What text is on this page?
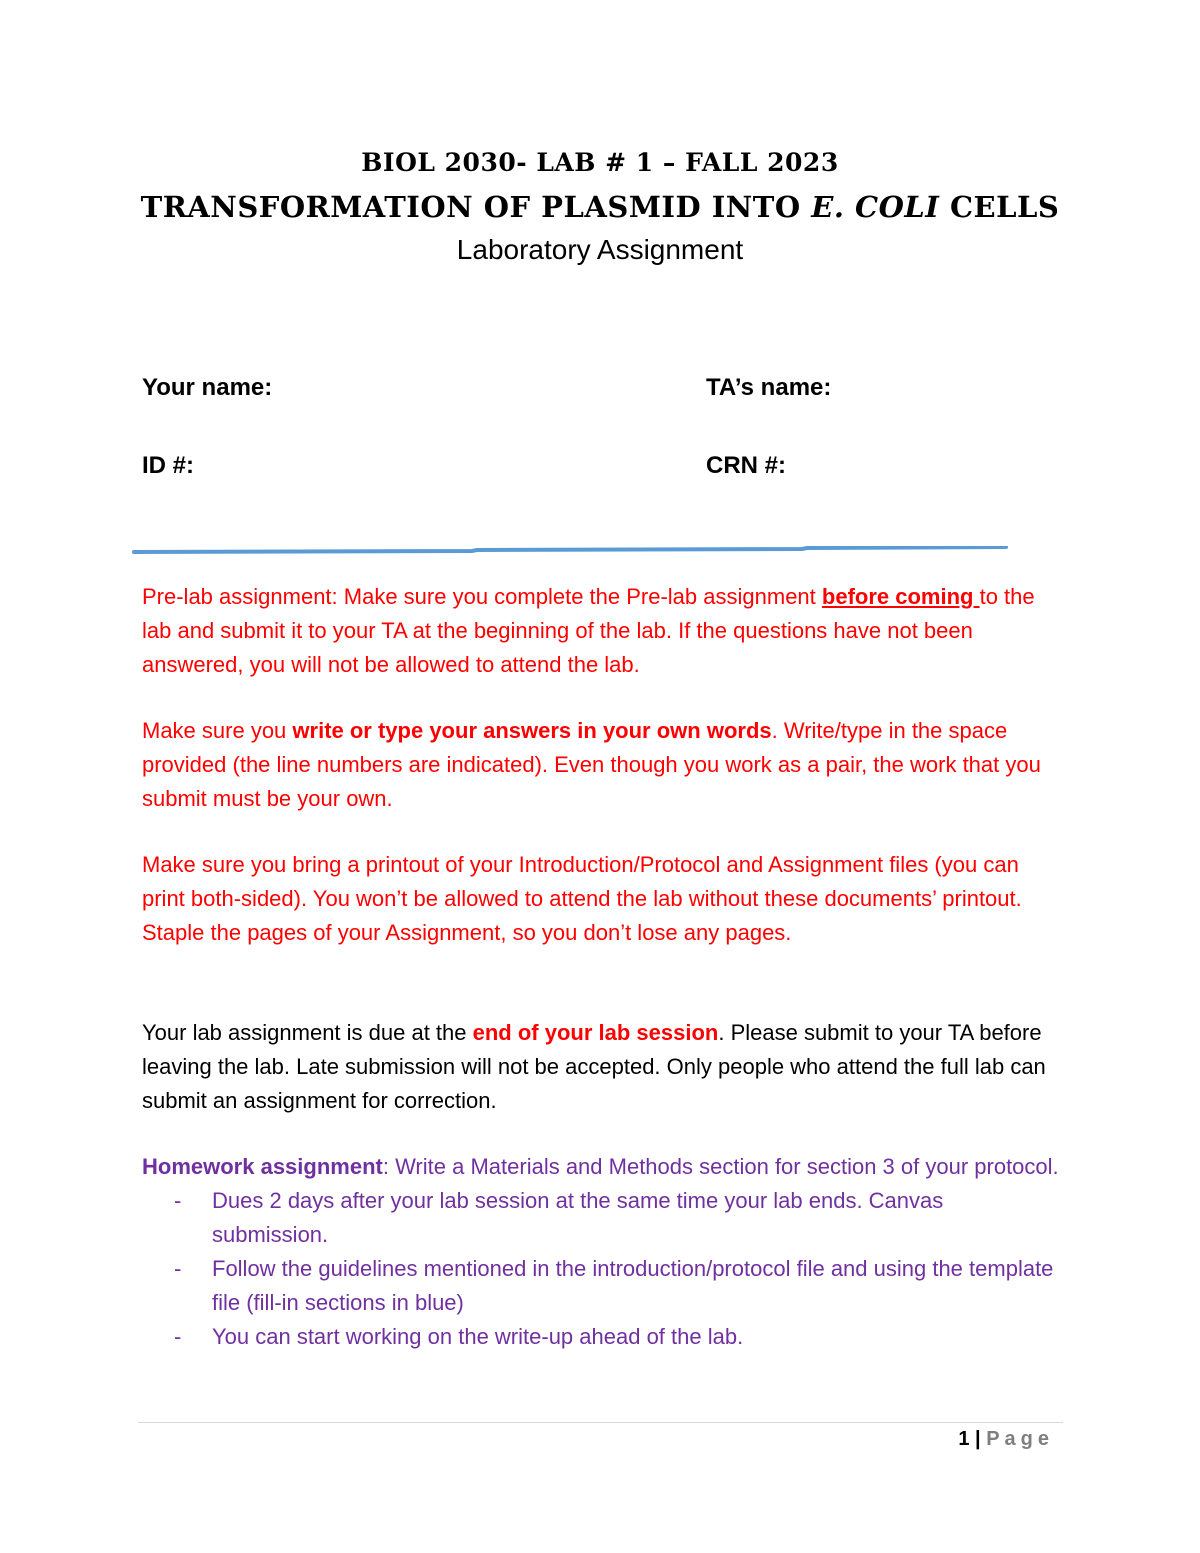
BIOL 2030- LAB # 1 – FALL 2023
TRANSFORMATION OF PLASMID INTO E. COLI CELLS
Laboratory Assignment
Your name:	TA’s name:
ID #:	CRN #:
Pre-lab assignment: Make sure you complete the Pre-lab assignment before coming to the lab and submit it to your TA at the beginning of the lab. If the questions have not been answered, you will not be allowed to attend the lab.
Make sure you write or type your answers in your own words. Write/type in the space provided (the line numbers are indicated). Even though you work as a pair, the work that you submit must be your own.
Make sure you bring a printout of your Introduction/Protocol and Assignment files (you can print both-sided). You won’t be allowed to attend the lab without these documents’ printout. Staple the pages of your Assignment, so you don’t lose any pages.
Your lab assignment is due at the end of your lab session. Please submit to your TA before leaving the lab. Late submission will not be accepted. Only people who attend the full lab can submit an assignment for correction.
Homework assignment: Write a Materials and Methods section for section 3 of your protocol.
- Dues 2 days after your lab session at the same time your lab ends. Canvas submission.
- Follow the guidelines mentioned in the introduction/protocol file and using the template file (fill-in sections in blue)
- You can start working on the write-up ahead of the lab.
1 | Page
